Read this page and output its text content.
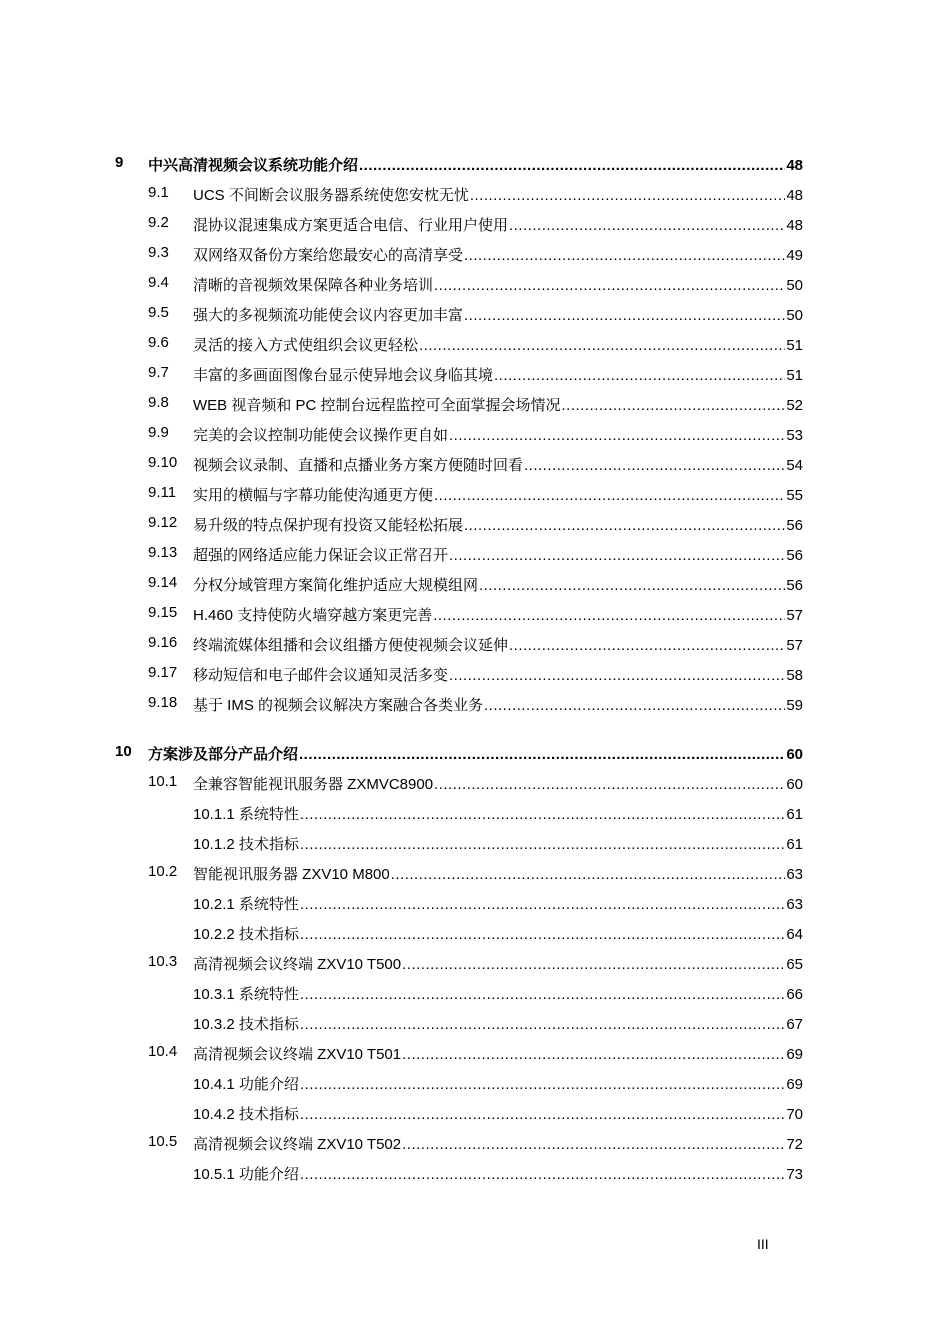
9 中兴高清视频会议系统功能介绍 .....	48
9.1 UCS 不间断会议服务器系统使您安枕无忧 .....	48
9.2 混协议混速集成方案更适合电信、行业用户使用 .....	48
9.3 双网络双备份方案给您最安心的高清享受 .....	49
9.4 清晰的音视频效果保障各种业务培训 .....	50
9.5 强大的多视频流功能使会议内容更加丰富 .....	50
9.6 灵活的接入方式使组织会议更轻松 .....	51
9.7 丰富的多画面图像台显示使异地会议身临其境 .....	51
9.8 WEB 视音频和 PC 控制台远程监控可全面掌握会场情况 .....	52
9.9 完美的会议控制功能使会议操作更自如 .....	53
9.10 视频会议录制、直播和点播业务方案方便随时回看 .....	54
9.11 实用的横幅与字幕功能使沟通更方便 .....	55
9.12 易升级的特点保护现有投资又能轻松拓展 .....	56
9.13 超强的网络适应能力保证会议正常召开 .....	56
9.14 分权分域管理方案简化维护适应大规模组网 .....	56
9.15 H.460 支持使防火墙穿越方案更完善 .....	57
9.16 终端流媒体组播和会议组播方便使视频会议延伸 .....	57
9.17 移动短信和电子邮件会议通知灵活多变 .....	58
9.18 基于 IMS 的视频会议解决方案融合各类业务 .....	59
10 方案涉及部分产品介绍 .....	60
10.1 全兼容智能视讯服务器 ZXMVC8900 .....	60
10.1.1 系统特性 .....	61
10.1.2 技术指标 .....	61
10.2 智能视讯服务器 ZXV10 M800 .....	63
10.2.1 系统特性 .....	63
10.2.2 技术指标 .....	64
10.3 高清视频会议终端 ZXV10 T500 .....	65
10.3.1 系统特性 .....	66
10.3.2 技术指标 .....	67
10.4 高清视频会议终端 ZXV10 T501 .....	69
10.4.1 功能介绍 .....	69
10.4.2 技术指标 .....	70
10.5 高清视频会议终端 ZXV10 T502 .....	72
10.5.1 功能介绍 .....	73
III
